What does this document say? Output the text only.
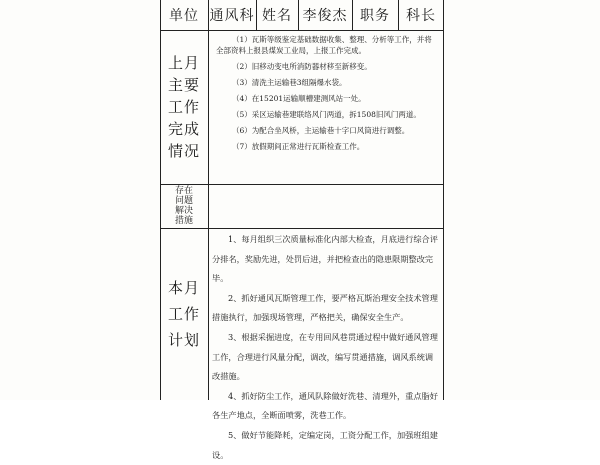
单位 通风科 姓名 李俊杰 职务	科长
上月
主要
工作
完成
情况

（1）瓦斯等级鉴定基础数据收集、整理、分析等工作，并将全部资料上报县煤炭工业局，上报工作完成。

（2）旧移动变电所消防器材移至新移变。

（3）清洗主运输巷3组隔爆水袋。

（4）在15201运输顺槽建测风站一处。

（5）采区运输巷建联络风门两道，拆1508旧风门两道。

（6）为配合坐风桥，主运输巷十字口风筒进行调整。

（7）放假期间正常进行瓦斯检查工作。

存在
问题
解决
措施
本月
工作
计划

1、每月组织三次质量标准化内部大检查，月底进行综合评分排名，奖励先进，处罚后进，并把检查出的隐患限期整改完毕。

2、抓好通风瓦斯管理工作，要严格瓦斯治理安全技术管理措施执行，加强现场管理，严格把关，确保安全生产。

3、根据采掘进度，在专用回风巷贯通过程中做好通风管理工作，合理进行风量分配，调改，编写贯通措施，调风系统调改措施。

4、抓好防尘工作，通风队除做好洗巷、清理外，重点脂好各生产地点，全断面喷雾，洗巷工作。

5、做好节能降耗，定编定岗，工资分配工作，加强班组建设。
